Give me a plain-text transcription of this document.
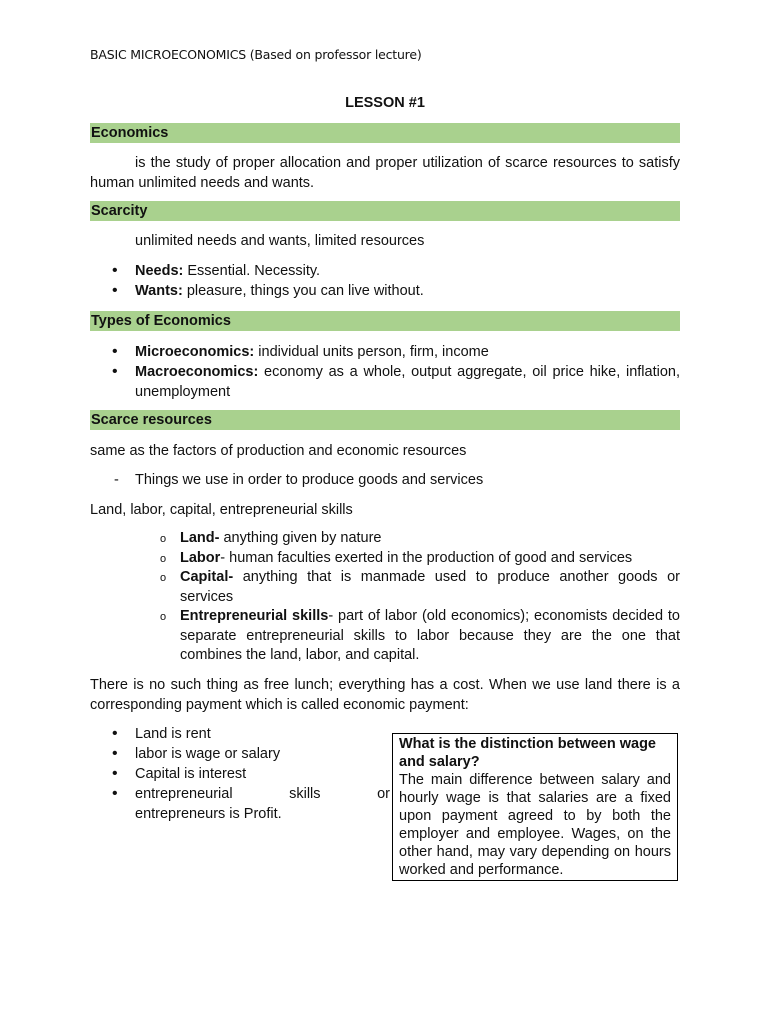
BASIC MICROECONOMICS (Based on professor lecture)
LESSON #1
Economics
is the study of proper allocation and proper utilization of scarce resources to satisfy human unlimited needs and wants.
Scarcity
unlimited needs and wants, limited resources
• Needs: Essential. Necessity.
• Wants: pleasure, things you can live without.
Types of Economics
• Microeconomics: individual units person, firm, income
• Macroeconomics: economy as a whole, output aggregate, oil price hike, inflation, unemployment
Scarce resources
same as the factors of production and economic resources
- Things we use in order to produce goods and services
Land, labor, capital, entrepreneurial skills
o Land- anything given by nature
o Labor- human faculties exerted in the production of good and services
o Capital- anything that is manmade used to produce another goods or services
o Entrepreneurial skills- part of labor (old economics); economists decided to separate entrepreneurial skills to labor because they are the one that combines the land, labor, and capital.
There is no such thing as free lunch; everything has a cost. When we use land there is a corresponding payment which is called economic payment:
• Land is rent
• labor is wage or salary
• Capital is interest
• entrepreneurial skills or
entrepreneurs is Profit.
What is the distinction between wage and salary?
The main difference between salary and hourly wage is that salaries are a fixed upon payment agreed to by both the employer and employee. Wages, on the other hand, may vary depending on hours worked and performance.
